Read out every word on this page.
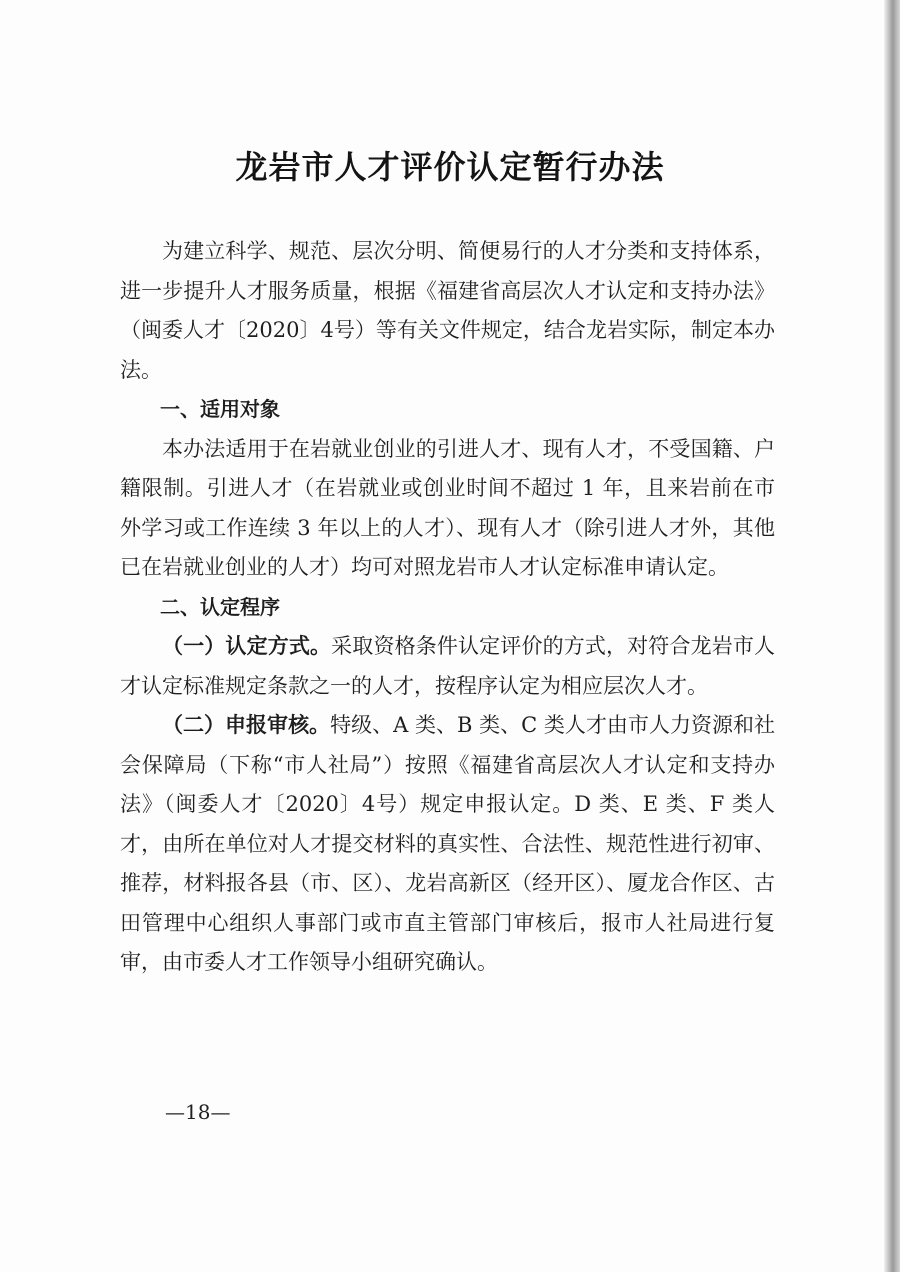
龙岩市人才评价认定暂行办法

为建立科学、规范、层次分明、简便易行的人才分类和支持体系，进一步提升人才服务质量，根据《福建省高层次人才认定和支持办法》（闽委人才〔2020〕4号）等有关文件规定，结合龙岩实际，制定本办法。

一、适用对象

本办法适用于在岩就业创业的引进人才、现有人才，不受国籍、户籍限制。引进人才（在岩就业或创业时间不超过 1 年，且来岩前在市外学习或工作连续 3 年以上的人才）、现有人才（除引进人才外，其他已在岩就业创业的人才）均可对照龙岩市人才认定标准申请认定。

二、认定程序

（一）认定方式。采取资格条件认定评价的方式，对符合龙岩市人才认定标准规定条款之一的人才，按程序认定为相应层次人才。

（二）申报审核。特级、A 类、B 类、C 类人才由市人力资源和社会保障局（下称“市人社局”）按照《福建省高层次人才认定和支持办法》（闽委人才〔2020〕4号）规定申报认定。D 类、E 类、F 类人才，由所在单位对人才提交材料的真实性、合法性、规范性进行初审、推荐，材料报各县（市、区）、龙岩高新区（经开区）、厦龙合作区、古田管理中心组织人事部门或市直主管部门审核后，报市人社局进行复审，由市委人才工作领导小组研究确认。

—18—
